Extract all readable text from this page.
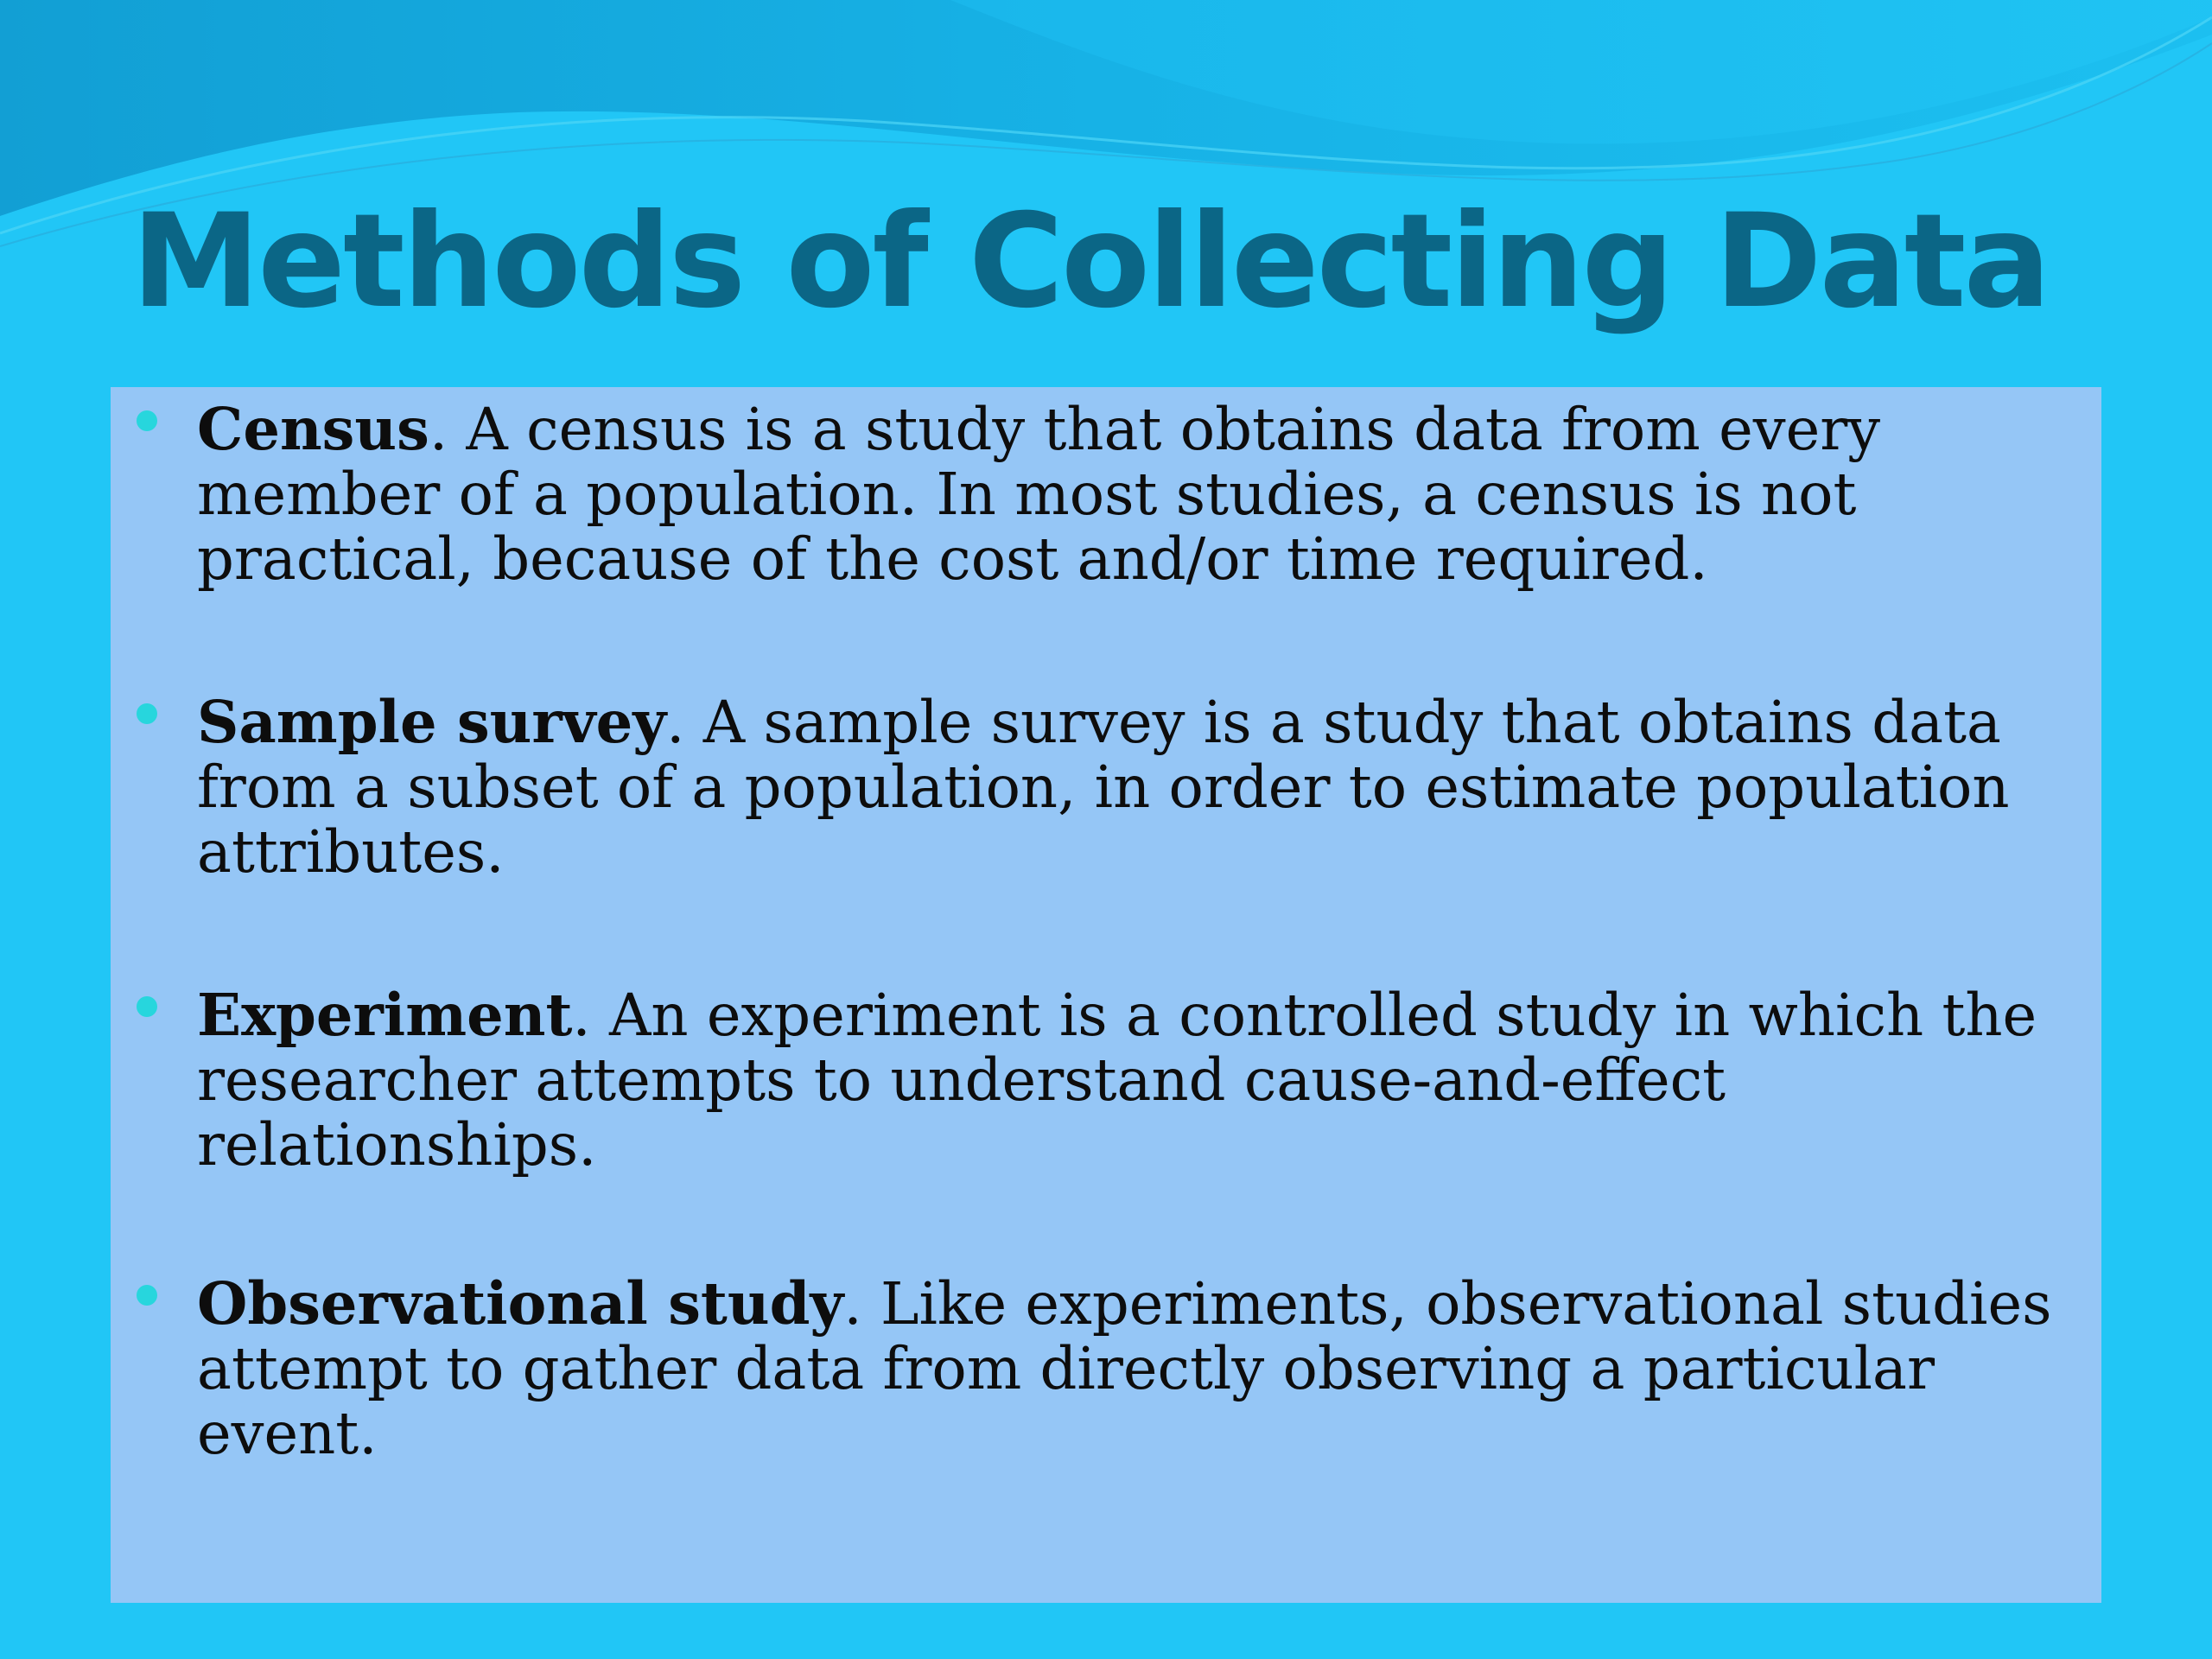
Methods of Collecting Data
Census. A census is a study that obtains data from every member of a population. In most studies, a census is not practical, because of the cost and/or time required.
Sample survey. A sample survey is a study that obtains data from a subset of a population, in order to estimate population attributes.
Experiment. An experiment is a controlled study in which the researcher attempts to understand cause-and-effect relationships.
Observational study. Like experiments, observational studies attempt to gather data from directly observing a particular event.
